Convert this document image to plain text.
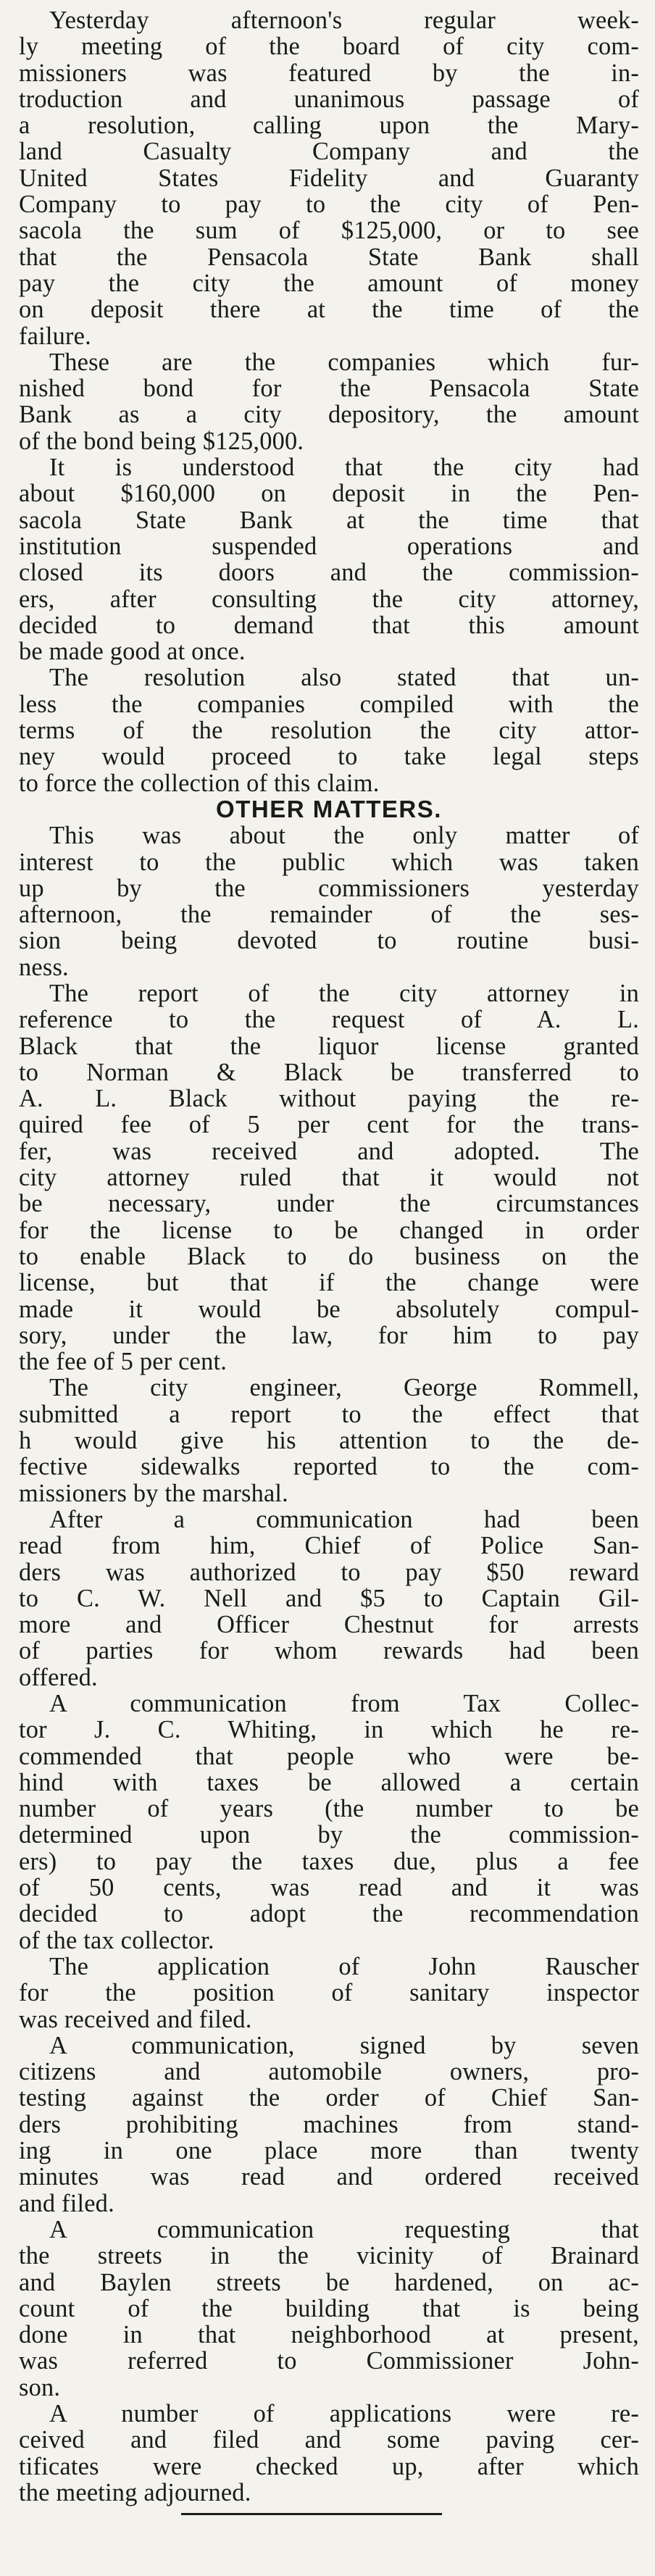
Yesterday afternoon's regular week-
ly meeting of the board of city com-
missioners was featured by the in-
troduction and unanimous passage of
a resolution, calling upon the Mary-
land Casualty Company and the
United States Fidelity and Guaranty
Company to pay to the city of Pen-
sacola the sum of $125,000, or to see
that the Pensacola State Bank shall
pay the city the amount of money
on deposit there at the time of the
failure.
These are the companies which fur-
nished bond for the Pensacola State
Bank as a city depository, the amount
of the bond being $125,000.
It is understood that the city had
about $160,000 on deposit in the Pen-
sacola State Bank at the time that
institution suspended operations and
closed its doors and the commission-
ers, after consulting the city attorney,
decided to demand that this amount
be made good at once.
The resolution also stated that un-
less the companies compiled with the
terms of the resolution the city attor-
ney would proceed to take legal steps
to force the collection of this claim.
OTHER MATTERS.
This was about the only matter of
interest to the public which was taken
up by the commissioners yesterday
afternoon, the remainder of the ses-
sion being devoted to routine busi-
ness.
The report of the city attorney in
reference to the request of A. L.
Black that the liquor license granted
to Norman & Black be transferred to
A. L. Black without paying the re-
quired fee of 5 per cent for the trans-
fer, was received and adopted. The
city attorney ruled that it would not
be necessary, under the circumstances
for the license to be changed in order
to enable Black to do business on the
license, but that if the change were
made it would be absolutely compul-
sory, under the law, for him to pay
the fee of 5 per cent.
The city engineer, George Rommell,
submitted a report to the effect that
h would give his attention to the de-
fective sidewalks reported to the com-
missioners by the marshal.
After a communication had been
read from him, Chief of Police San-
ders was authorized to pay $50 reward
to C. W. Nell and $5 to Captain Gil-
more and Officer Chestnut for arrests
of parties for whom rewards had been
offered.
A communication from Tax Collec-
tor J. C. Whiting, in which he re-
commended that people who were be-
hind with taxes be allowed a certain
number of years (the number to be
determined upon by the commission-
ers) to pay the taxes due, plus a fee
of 50 cents, was read and it was
decided to adopt the recommendation
of the tax collector.
The application of John Rauscher
for the position of sanitary inspector
was received and filed.
A communication, signed by seven
citizens and automobile owners, pro-
testing against the order of Chief San-
ders prohibiting machines from stand-
ing in one place more than twenty
minutes was read and ordered received
and filed.
A communication requesting that
the streets in the vicinity of Brainard
and Baylen streets be hardened, on ac-
count of the building that is being
done in that neighborhood at present,
was referred to Commissioner John-
son.
A number of applications were re-
ceived and filed and some paving cer-
tificates were checked up, after which
the meeting adjourned.
